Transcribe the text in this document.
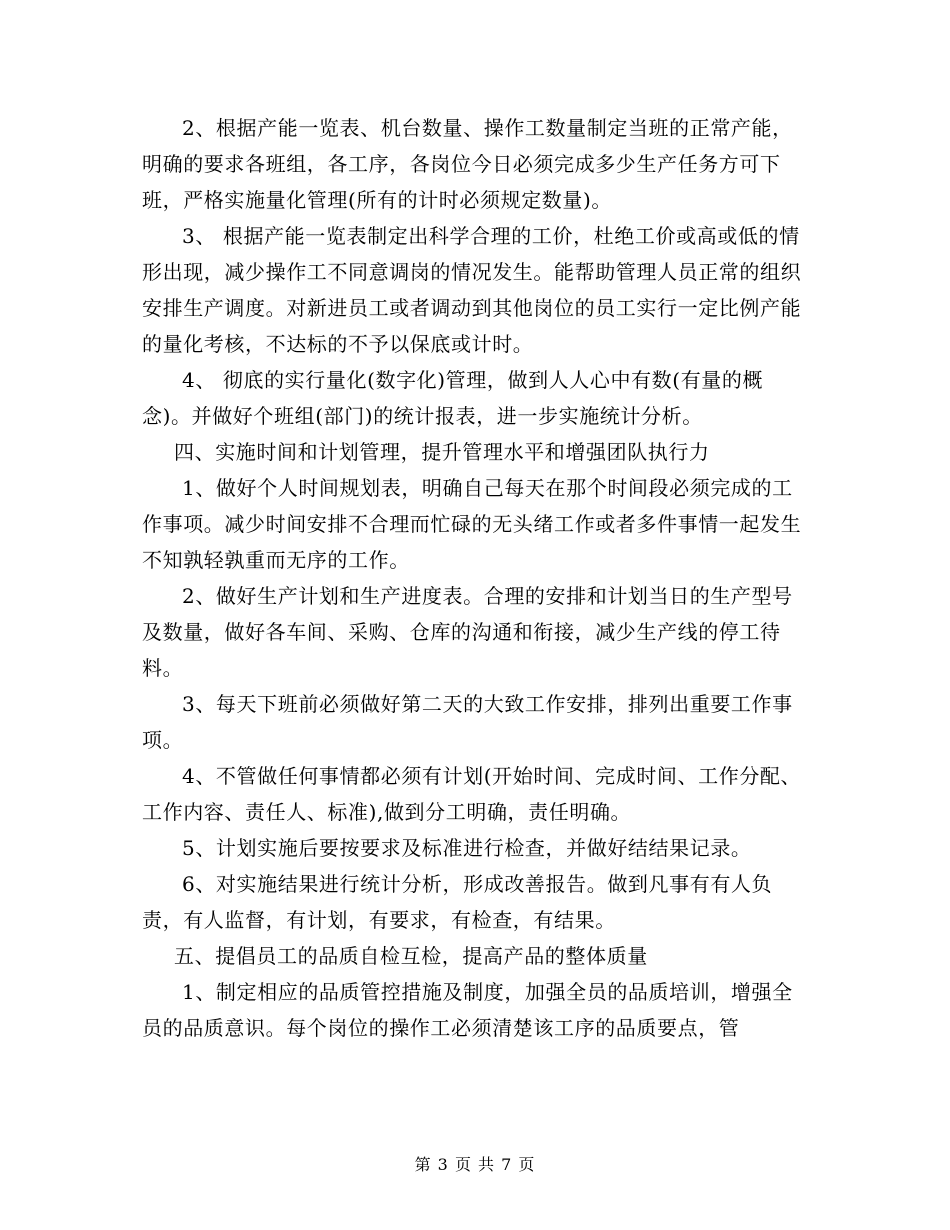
2、根据产能一览表、机台数量、操作工数量制定当班的正常产能，明确的要求各班组，各工序，各岗位今日必须完成多少生产任务方可下班，严格实施量化管理(所有的计时必须规定数量)。

3、 根据产能一览表制定出科学合理的工价，杜绝工价或高或低的情形出现，减少操作工不同意调岗的情况发生。能帮助管理人员正常的组织安排生产调度。对新进员工或者调动到其他岗位的员工实行一定比例产能的量化考核，不达标的不予以保底或计时。

4、 彻底的实行量化(数字化)管理，做到人人心中有数(有量的概念)。并做好个班组(部门)的统计报表，进一步实施统计分析。

四、实施时间和计划管理，提升管理水平和增强团队执行力

1、做好个人时间规划表，明确自己每天在那个时间段必须完成的工作事项。减少时间安排不合理而忙碌的无头绪工作或者多件事情一起发生不知孰轻孰重而无序的工作。

2、做好生产计划和生产进度表。合理的安排和计划当日的生产型号及数量，做好各车间、采购、仓库的沟通和衔接，减少生产线的停工待料。

3、每天下班前必须做好第二天的大致工作安排，排列出重要工作事项。

4、不管做任何事情都必须有计划(开始时间、完成时间、工作分配、工作内容、责任人、标准),做到分工明确，责任明确。

5、计划实施后要按要求及标准进行检查，并做好结结果记录。

6、对实施结果进行统计分析，形成改善报告。做到凡事有有人负责，有人监督，有计划，有要求，有检查，有结果。

五、提倡员工的品质自检互检，提高产品的整体质量

1、制定相应的品质管控措施及制度，加强全员的品质培训，增强全员的品质意识。每个岗位的操作工必须清楚该工序的品质要点，管

第 3 页 共 7 页
